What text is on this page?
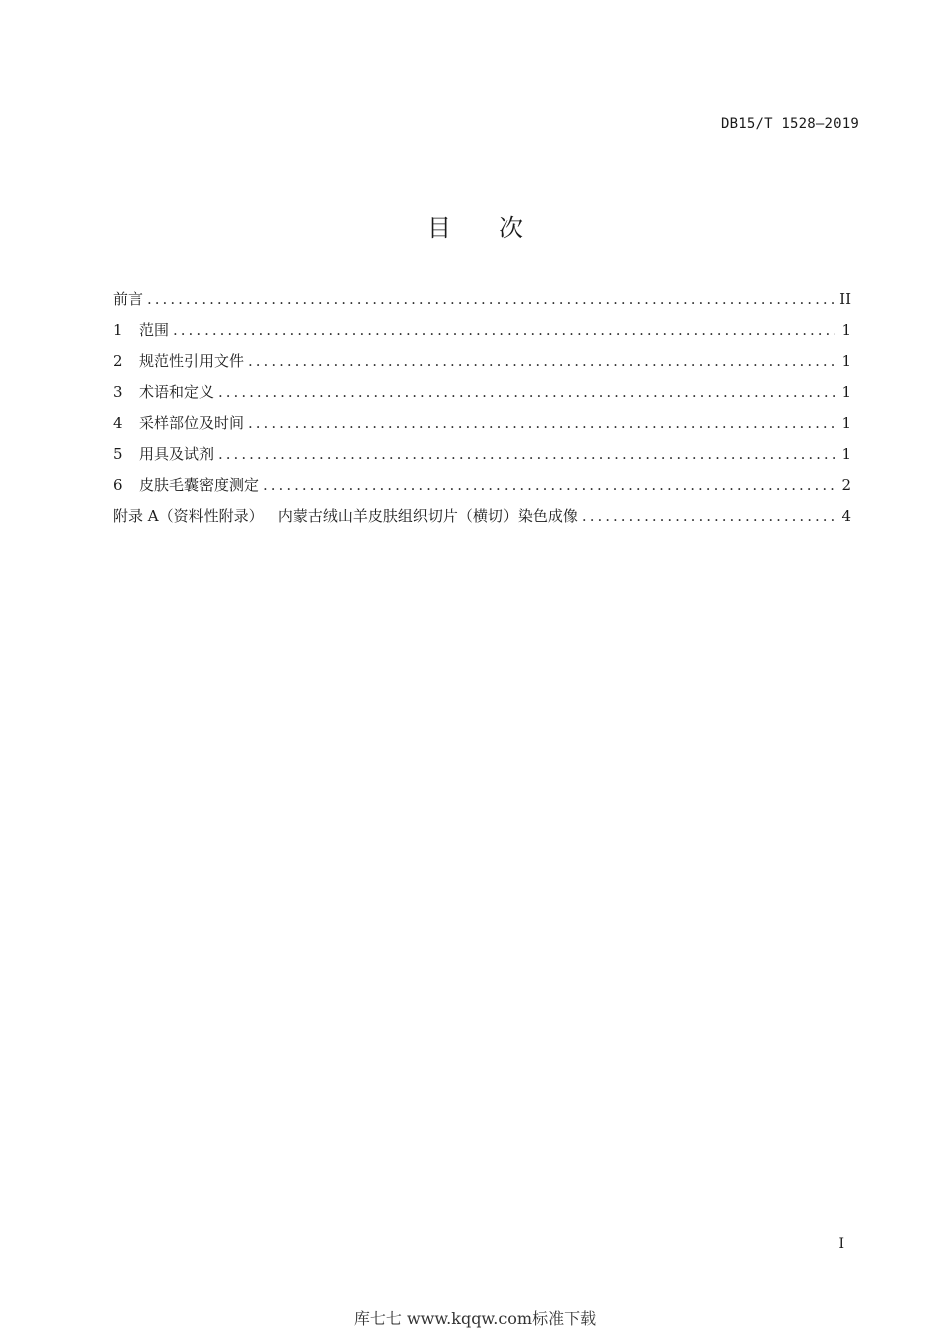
DB15/T 1528—2019
目次
前言 .....	II
1	范围 .....	1
2	规范性引用文件 .....	1
3	术语和定义 .....	1
4	采样部位及时间 .....	1
5	用具及试剂 .....	1
6	皮肤毛囊密度测定 .....	2
附录 A（资料性附录）   内蒙古绒山羊皮肤组织切片（横切）染色成像 .....	4
I
库七七 www.kqqw.com标准下载
